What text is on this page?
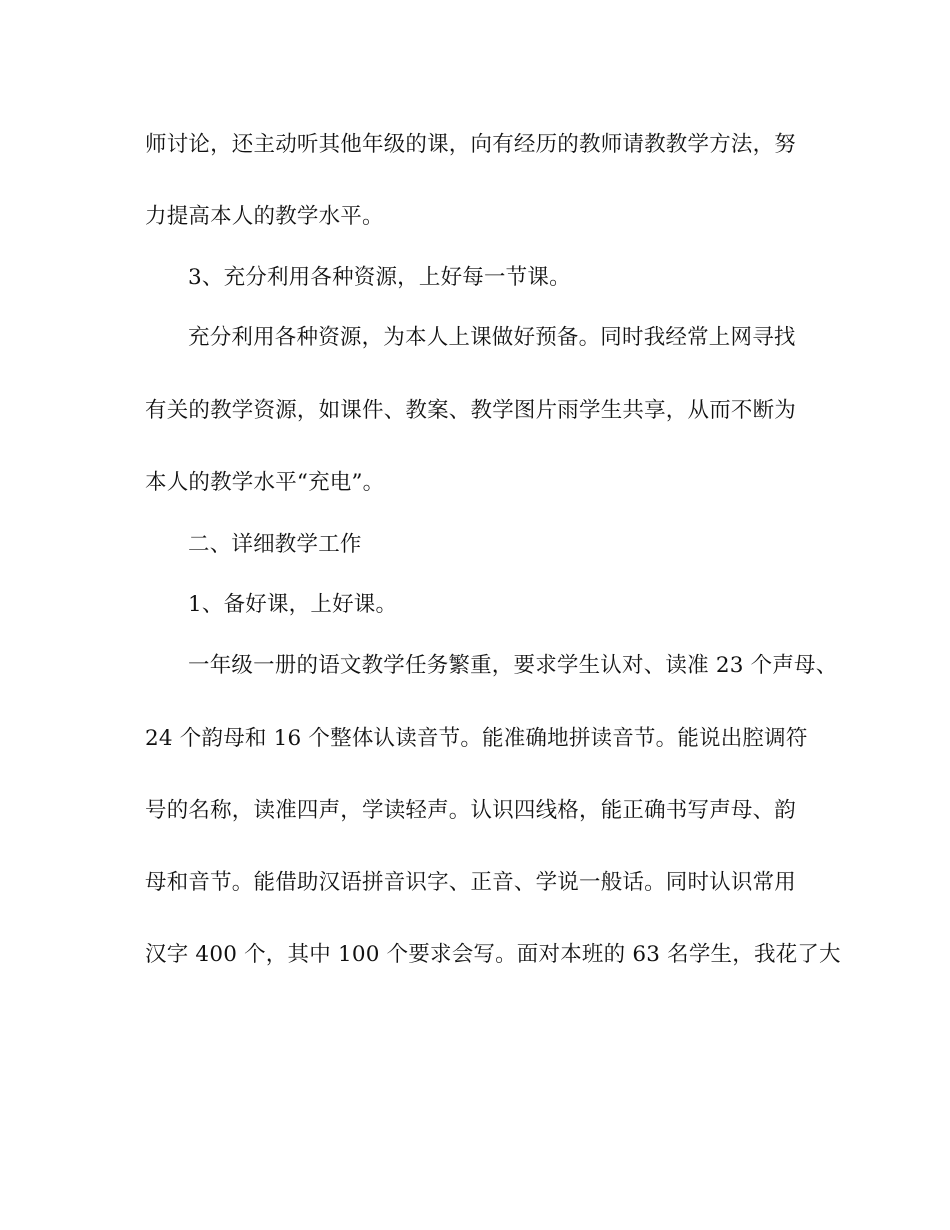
师讨论，还主动听其他年级的课，向有经历的教师请教教学方法，努
力提高本人的教学水平。
3、充分利用各种资源，上好每一节课。
充分利用各种资源，为本人上课做好预备。同时我经常上网寻找
有关的教学资源，如课件、教案、教学图片雨学生共享，从而不断为
本人的教学水平“充电”。
二、详细教学工作
1、备好课，上好课。
一年级一册的语文教学任务繁重，要求学生认对、读准 23 个声母、
24 个韵母和 16 个整体认读音节。能准确地拼读音节。能说出腔调符
号的名称，读准四声，学读轻声。认识四线格，能正确书写声母、韵
母和音节。能借助汉语拼音识字、正音、学说一般话。同时认识常用
汉字 400 个，其中 100 个要求会写。面对本班的 63 名学生，我花了大
